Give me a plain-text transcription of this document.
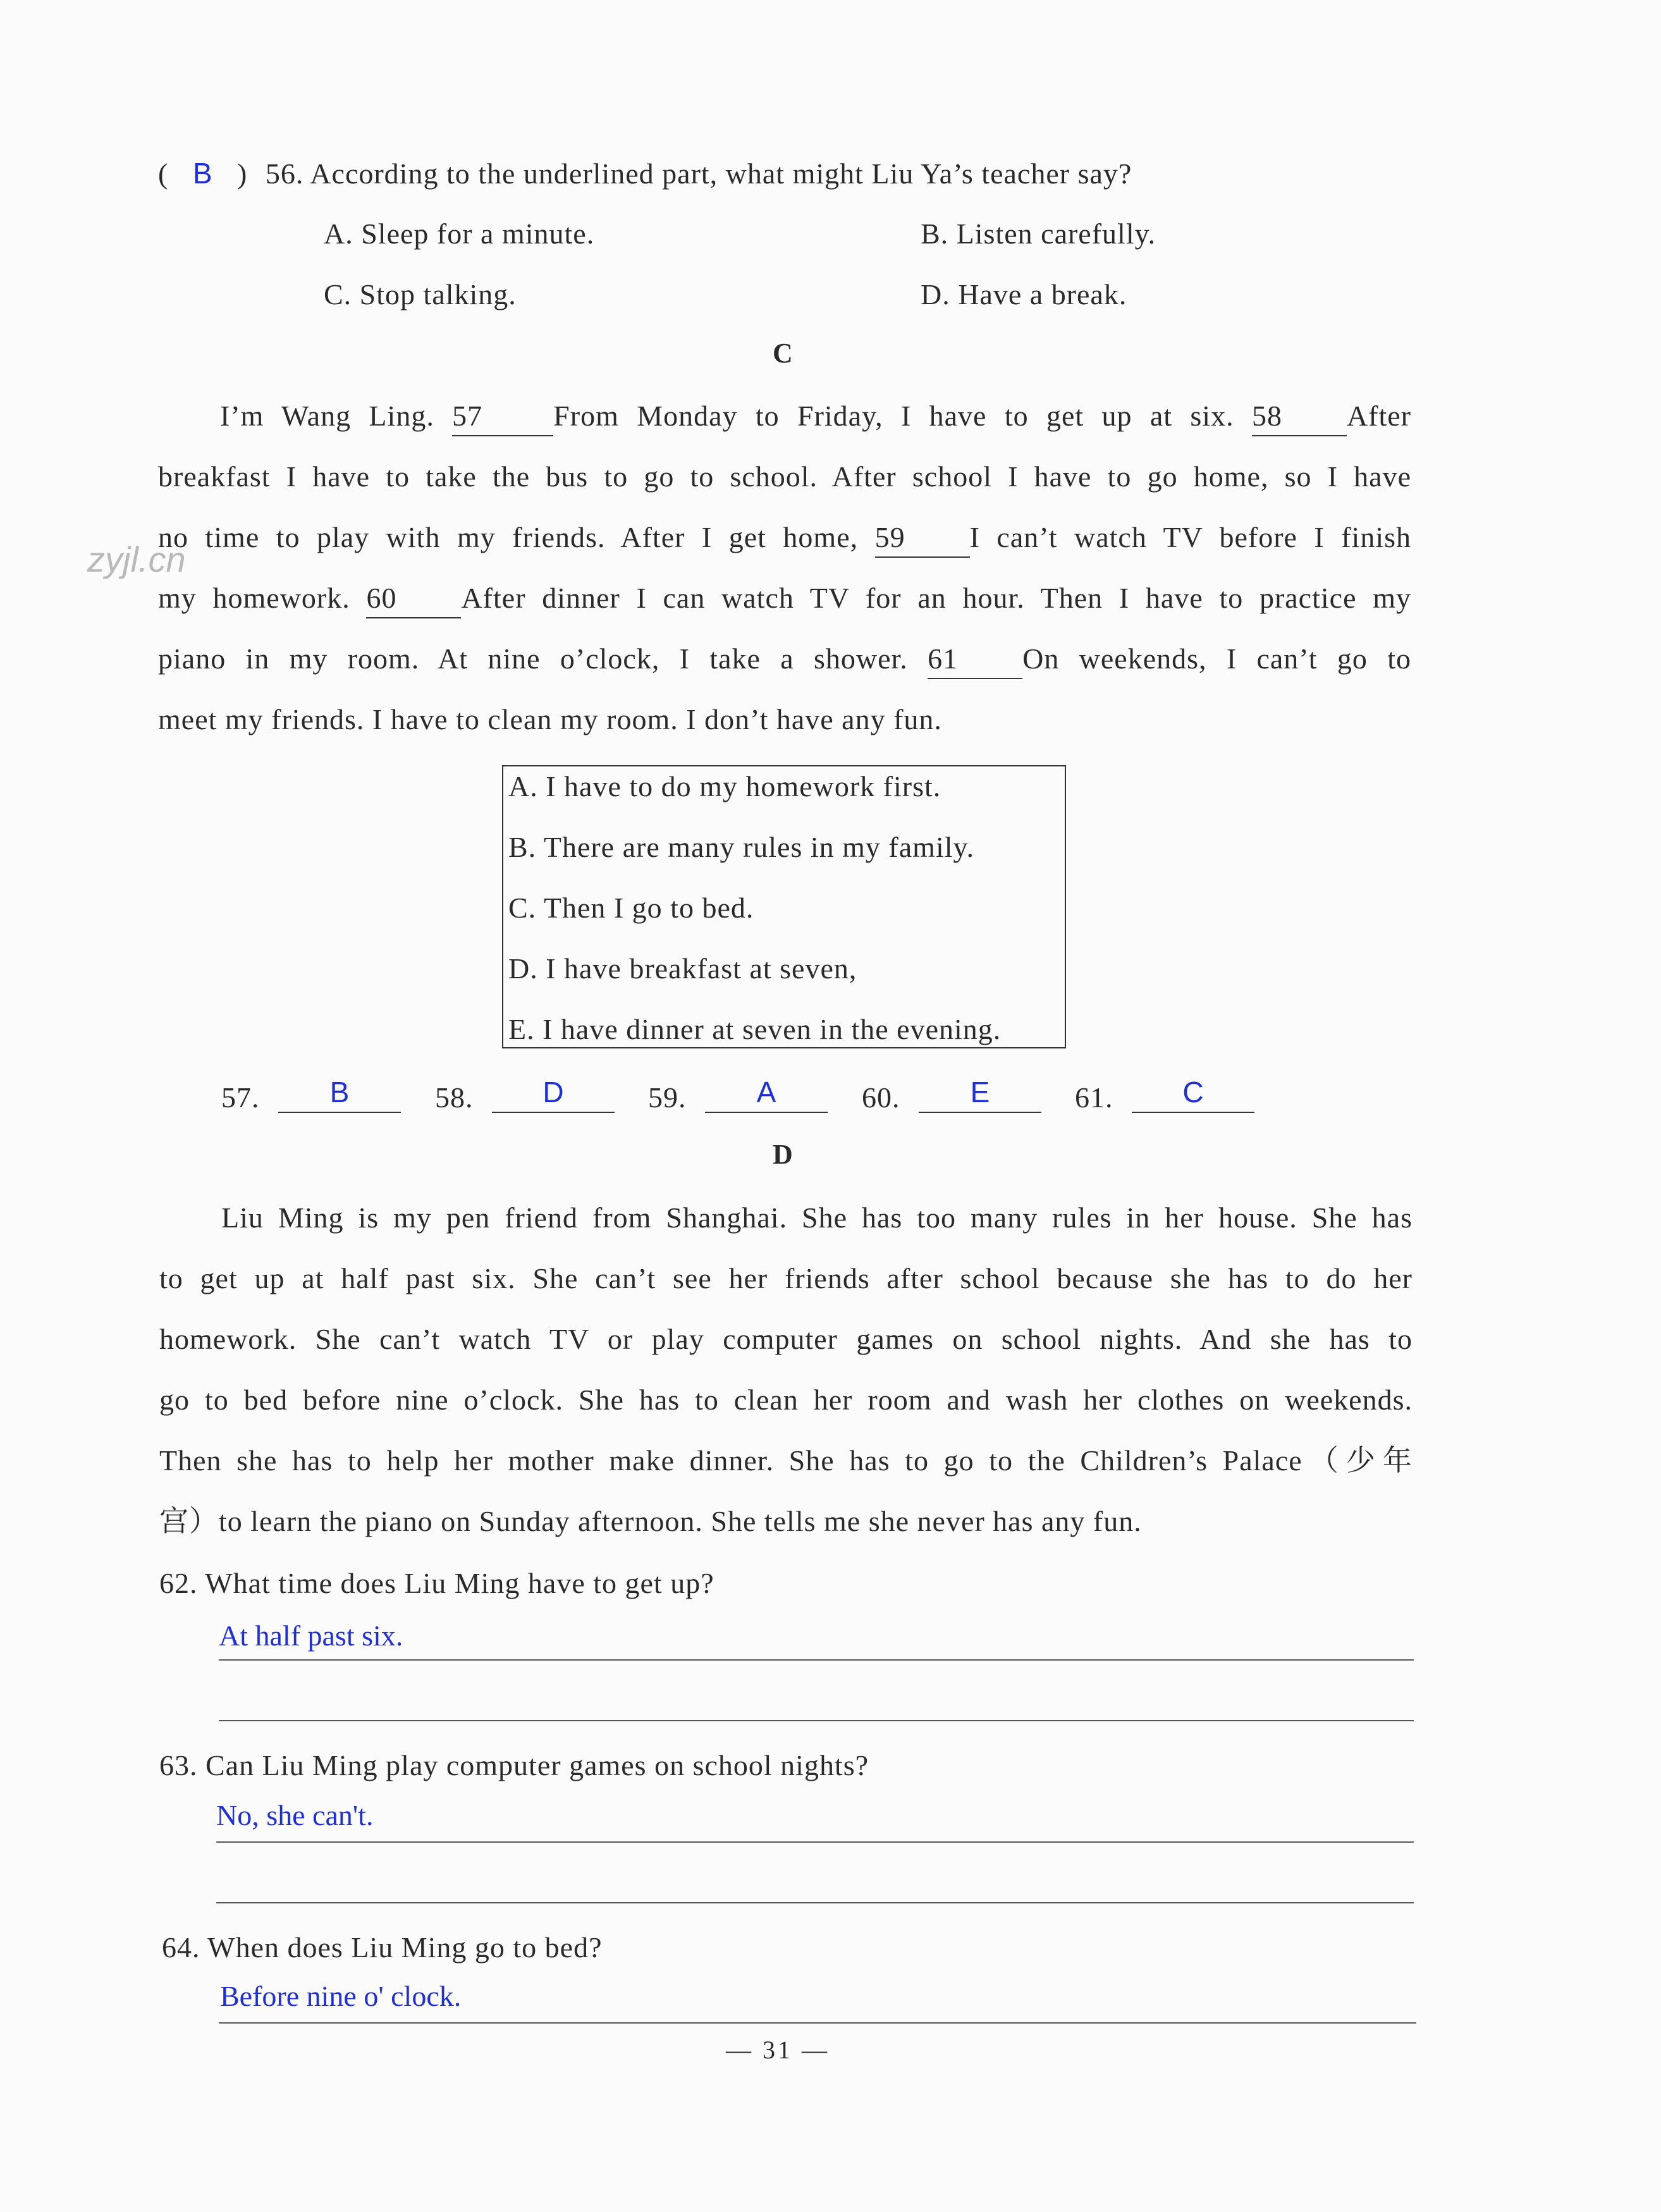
zyjl.cn
( B ) 56. According to the underlined part, what might Liu Ya’s teacher say?
A. Sleep for a minute.	B. Listen carefully.
C. Stop talking.	D. Have a break.
C
I’m Wang Ling. 57 From Monday to Friday, I have to get up at six. 58 After
breakfast I have to take the bus to go to school. After school I have to go home, so I have
no time to play with my friends. After I get home, 59 I can’t watch TV before I finish
my homework. 60 After dinner I can watch TV for an hour. Then I have to practice my
piano in my room. At nine o’clock, I take a shower. 61 On weekends, I can’t go to
meet my friends. I have to clean my room. I don’t have any fun.
A. I have to do my homework first.
B. There are many rules in my family.
C. Then I go to bed.
D. I have breakfast at seven,
E. I have dinner at seven in the evening.
57.	B	58.	D	59.	A	60.	E	61.	C
D
Liu Ming is my pen friend from Shanghai. She has too many rules in her house. She has
to get up at half past six. She can’t see her friends after school because she has to do her
homework. She can’t watch TV or play computer games on school nights. And she has to
go to bed before nine o’clock. She has to clean her room and wash her clothes on weekends.
Then she has to help her mother make dinner. She has to go to the Children’s Palace（少年
宫）to learn the piano on Sunday afternoon. She tells me she never has any fun.
62. What time does Liu Ming have to get up?
At half past six.
63. Can Liu Ming play computer games on school nights?
No, she can't.
64. When does Liu Ming go to bed?
Before nine o' clock.
— 31 —
